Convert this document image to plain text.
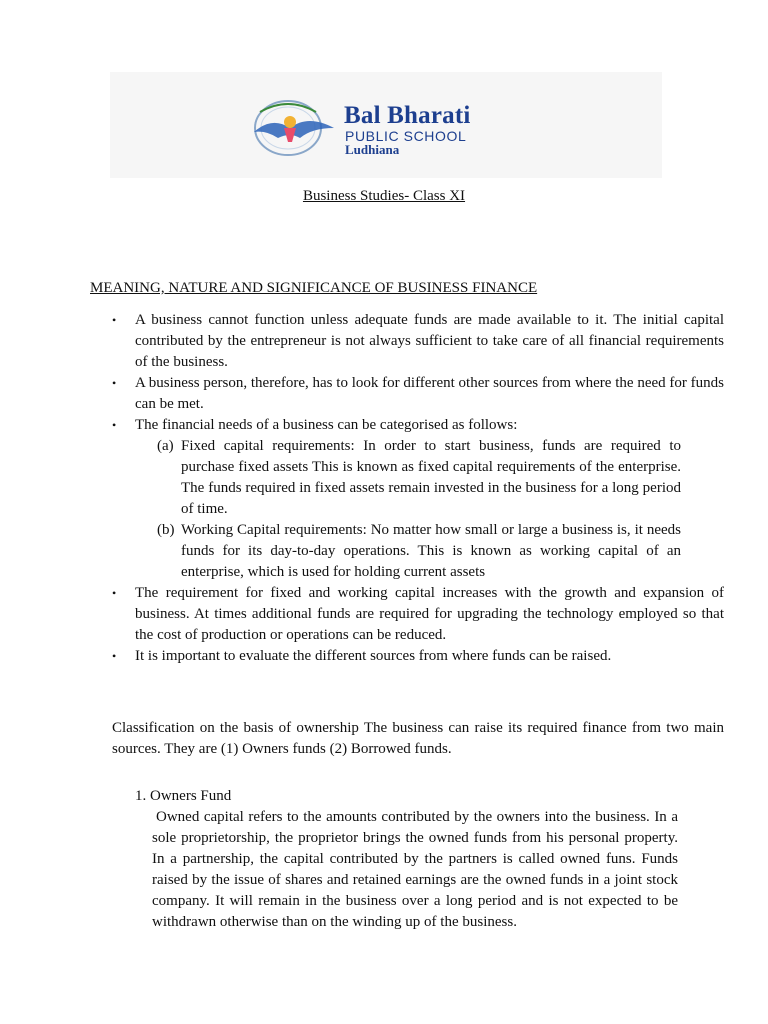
Bal Bharati
PUBLIC SCHOOL
Ludhiana
Business Studies- Class XI
MEANING, NATURE AND SIGNIFICANCE OF BUSINESS FINANCE
•	A business cannot function unless adequate funds are made available to it. The initial capital contributed by the entrepreneur is not always sufficient to take care of all financial requirements of the business.
•	A business person, therefore, has to look for different other sources from where the need for funds can be met.
•	The financial needs of a business can be categorised as follows:
(a) Fixed capital requirements: In order to start business, funds are required to purchase fixed assets This is known as fixed capital requirements of the enterprise. The funds required in fixed assets remain invested in the business for a long period of time.
(b) Working Capital requirements: No matter how small or large a business is, it needs funds for its day-to-day operations. This is known as working capital of an enterprise, which is used for holding current assets
•	The requirement for fixed and working capital increases with the growth and expansion of business. At times additional funds are required for upgrading the technology employed so that the cost of production or operations can be reduced.
•	It is important to evaluate the different sources from where funds can be raised.
Classification on the basis of ownership The business can raise its required finance from two main sources. They are (1) Owners funds (2) Borrowed funds.
1. Owners Fund
Owned capital refers to the amounts contributed by the owners into the business. In a sole proprietorship, the proprietor brings the owned funds from his personal property. In a partnership, the capital contributed by the partners is called owned funs. Funds raised by the issue of shares and retained earnings are the owned funds in a joint stock company. It will remain in the business over a long period and is not expected to be withdrawn otherwise than on the winding up of the business.
